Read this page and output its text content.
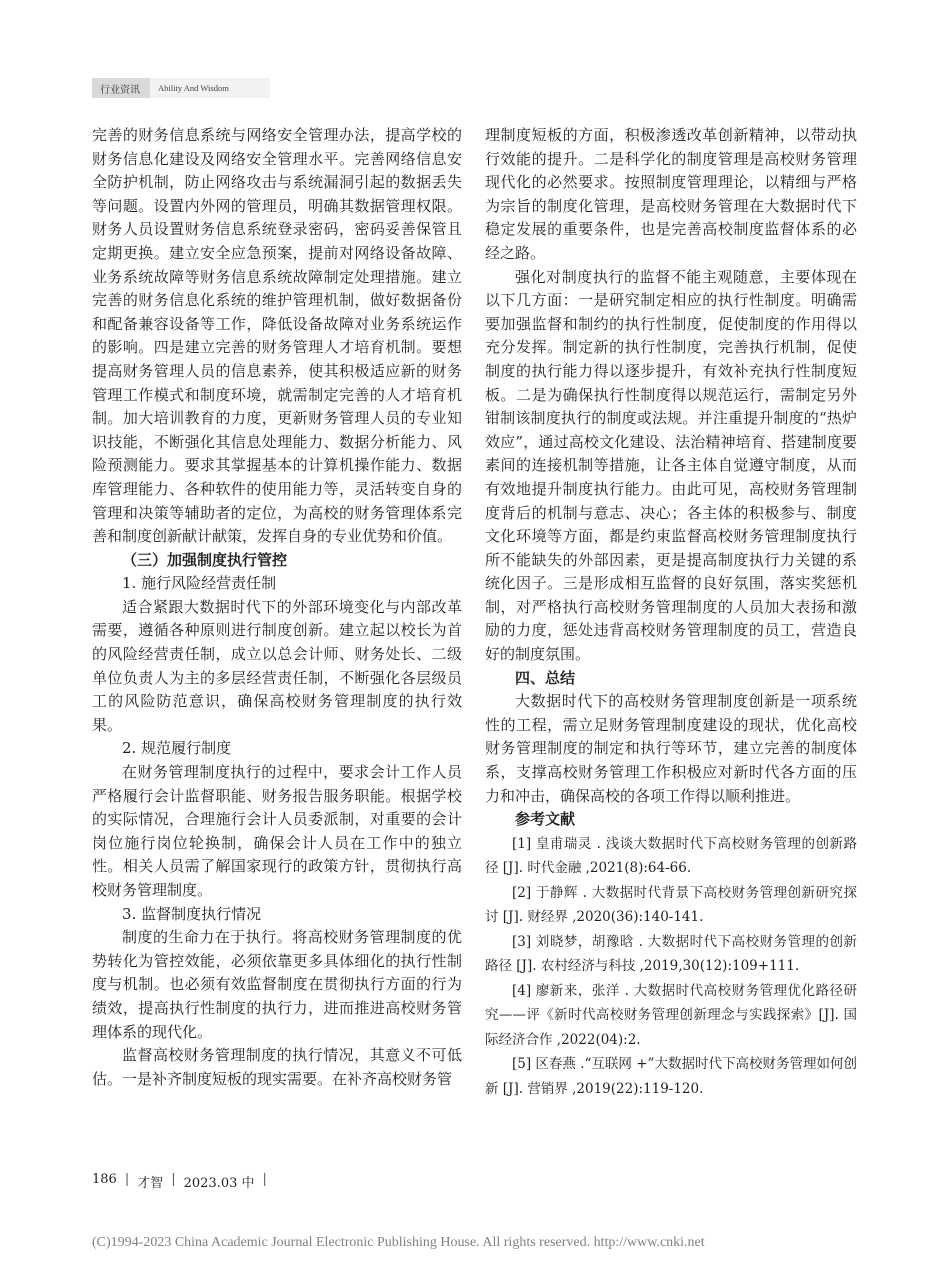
行业资讯	Ability And Wisdom

完善的财务信息系统与网络安全管理办法，提高学校的财务信息化建设及网络安全管理水平。完善网络信息安全防护机制，防止网络攻击与系统漏洞引起的数据丢失等问题。设置内外网的管理员，明确其数据管理权限。财务人员设置财务信息系统登录密码，密码妥善保管且定期更换。建立安全应急预案，提前对网络设备故障、业务系统故障等财务信息系统故障制定处理措施。建立完善的财务信息化系统的维护管理机制，做好数据备份和配备兼容设备等工作，降低设备故障对业务系统运作的影响。四是建立完善的财务管理人才培育机制。要想提高财务管理人员的信息素养，使其积极适应新的财务管理工作模式和制度环境，就需制定完善的人才培育机制。加大培训教育的力度，更新财务管理人员的专业知识技能，不断强化其信息处理能力、数据分析能力、风险预测能力。要求其掌握基本的计算机操作能力、数据库管理能力、各种软件的使用能力等，灵活转变自身的管理和决策等辅助者的定位，为高校的财务管理体系完善和制度创新献计献策，发挥自身的专业优势和价值。

（三）加强制度执行管控

1. 施行风险经营责任制

适合紧跟大数据时代下的外部环境变化与内部改革需要，遵循各种原则进行制度创新。建立起以校长为首的风险经营责任制，成立以总会计师、财务处长、二级单位负责人为主的多层经营责任制，不断强化各层级员工的风险防范意识，确保高校财务管理制度的执行效果。

2. 规范履行制度

在财务管理制度执行的过程中，要求会计工作人员严格履行会计监督职能、财务报告服务职能。根据学校的实际情况，合理施行会计人员委派制，对重要的会计岗位施行岗位轮换制，确保会计人员在工作中的独立性。相关人员需了解国家现行的政策方针，贯彻执行高校财务管理制度。

3. 监督制度执行情况

制度的生命力在于执行。将高校财务管理制度的优势转化为管控效能，必须依靠更多具体细化的执行性制度与机制。也必须有效监督制度在贯彻执行方面的行为绩效，提高执行性制度的执行力，进而推进高校财务管理体系的现代化。

监督高校财务管理制度的执行情况，其意义不可低估。一是补齐制度短板的现实需要。在补齐高校财务管

理制度短板的方面，积极渗透改革创新精神，以带动执行效能的提升。二是科学化的制度管理是高校财务管理现代化的必然要求。按照制度管理理论，以精细与严格为宗旨的制度化管理，是高校财务管理在大数据时代下稳定发展的重要条件，也是完善高校制度监督体系的必经之路。

强化对制度执行的监督不能主观随意，主要体现在以下几方面：一是研究制定相应的执行性制度。明确需要加强监督和制约的执行性制度，促使制度的作用得以充分发挥。制定新的执行性制度，完善执行机制，促使制度的执行能力得以逐步提升，有效补充执行性制度短板。二是为确保执行性制度得以规范运行，需制定另外钳制该制度执行的制度或法规。并注重提升制度的“热炉效应”，通过高校文化建设、法治精神培育、搭建制度要素间的连接机制等措施，让各主体自觉遵守制度，从而有效地提升制度执行能力。由此可见，高校财务管理制度背后的机制与意志、决心；各主体的积极参与、制度文化环境等方面，都是约束监督高校财务管理制度执行所不能缺失的外部因素，更是提高制度执行力关键的系统化因子。三是形成相互监督的良好氛围，落实奖惩机制，对严格执行高校财务管理制度的人员加大表扬和激励的力度，惩处违背高校财务管理制度的员工，营造良好的制度氛围。

四、总结

大数据时代下的高校财务管理制度创新是一项系统性的工程，需立足财务管理制度建设的现状，优化高校财务管理制度的制定和执行等环节，建立完善的制度体系，支撑高校财务管理工作积极应对新时代各方面的压力和冲击，确保高校的各项工作得以顺利推进。

参考文献

[1] 皇甫瑞灵 . 浅谈大数据时代下高校财务管理的创新路径 [J]. 时代金融 ,2021(8):64-66.

[2] 于静辉 . 大数据时代背景下高校财务管理创新研究探讨 [J]. 财经界 ,2020(36):140-141.

[3] 刘晓梦，胡豫晗 . 大数据时代下高校财务管理的创新路径 [J]. 农村经济与科技 ,2019,30(12):109+111.

[4] 廖新来，张洋 . 大数据时代高校财务管理优化路径研究——评《新时代高校财务管理创新理念与实践探索》[J]. 国际经济合作 ,2022(04):2.

[5] 区春燕 .“互联网 +”大数据时代下高校财务管理如何创新 [J]. 营销界 ,2019(22):119-120.

186 | 才智 | 2023.03 中 |
(C)1994-2023 China Academic Journal Electronic Publishing House. All rights reserved. http://www.cnki.net
